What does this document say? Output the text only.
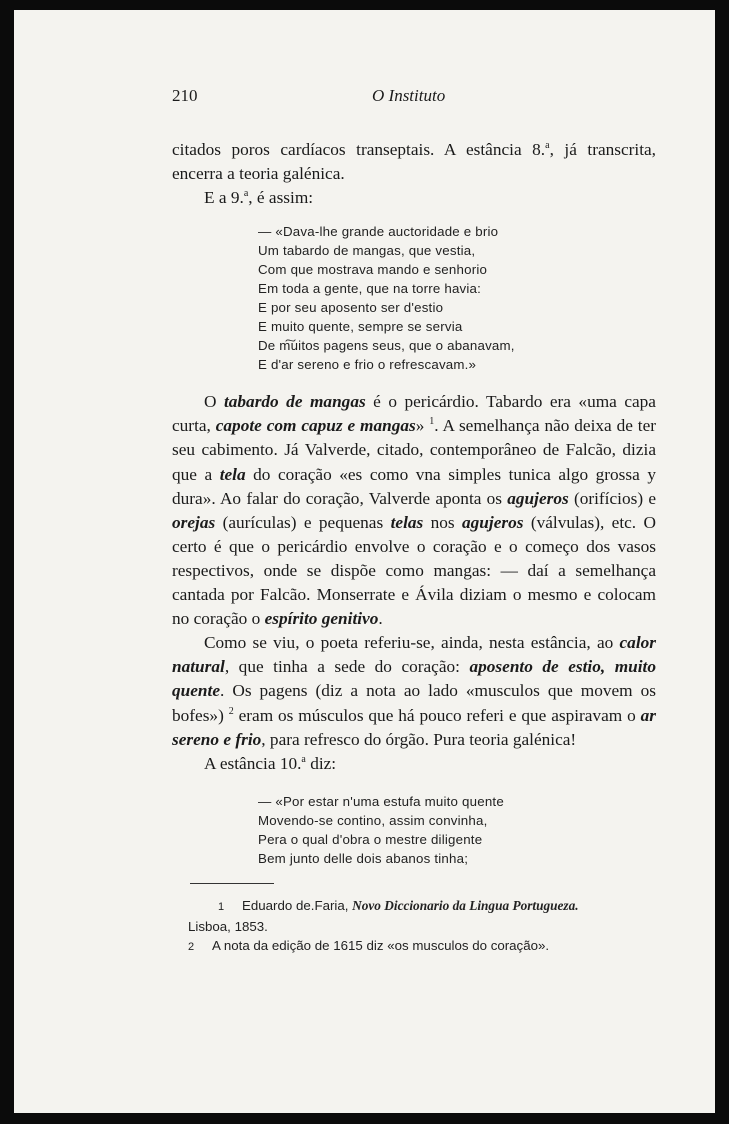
210	O Instituto

citados poros cardíacos transeptais. A estância 8.$^a$, já transcrita, encerra a teoria galénica.

E a 9.$^a$, é assim:

— «Dava-lhe grande auctoridade e brio
Um tabardo de mangas, que vestia,
Com que mostrava mando e senhorio
Em toda a gente, que na torre havia:
E por seu aposento ser d'estio
E muito quente, sempre se servia
De m͠uitos pagens seus, que o abanavam,
E d'ar sereno e frio o refrescavam.»

O tabardo de mangas é o pericárdio. Tabardo era «uma capa curta, capote com capuz e mangas» $^1$. A semelhança não deixa de ter seu cabimento. Já Valverde, citado, contemporâneo de Falcão, dizia que a tela do coração «es como vna simples tunica algo grossa y dura». Ao falar do coração, Valverde aponta os agujeros (orifícios) e orejas (aurículas) e pequenas telas nos agujeros (válvulas), etc. O certo é que o pericárdio envolve o coração e o começo dos vasos respectivos, onde se dispõe como mangas: — daí a semelhança cantada por Falcão. Monserrate e Ávila diziam o mesmo e colocam no coração o espírito genitivo.

Como se viu, o poeta referiu-se, ainda, nesta estância, ao calor natural, que tinha a sede do coração: aposento de estio, muito quente. Os pagens (diz a nota ao lado «musculos que movem os bofes») $^2$ eram os músculos que há pouco referi e que aspiravam o ar sereno e frio, para refresco do órgão. Pura teoria galénica!

A estância 10.$^a$ diz:

— «Por estar n'uma estufa muito quente
Movendo-se contino, assim convinha,
Pera o qual d'obra o mestre diligente
Bem junto delle dois abanos tinha;
1 Eduardo de.Faria, Novo Diccionario da Lingua Portugueza.
Lisboa, 1853.
2 A nota da edição de 1615 diz «os musculos do coração».
